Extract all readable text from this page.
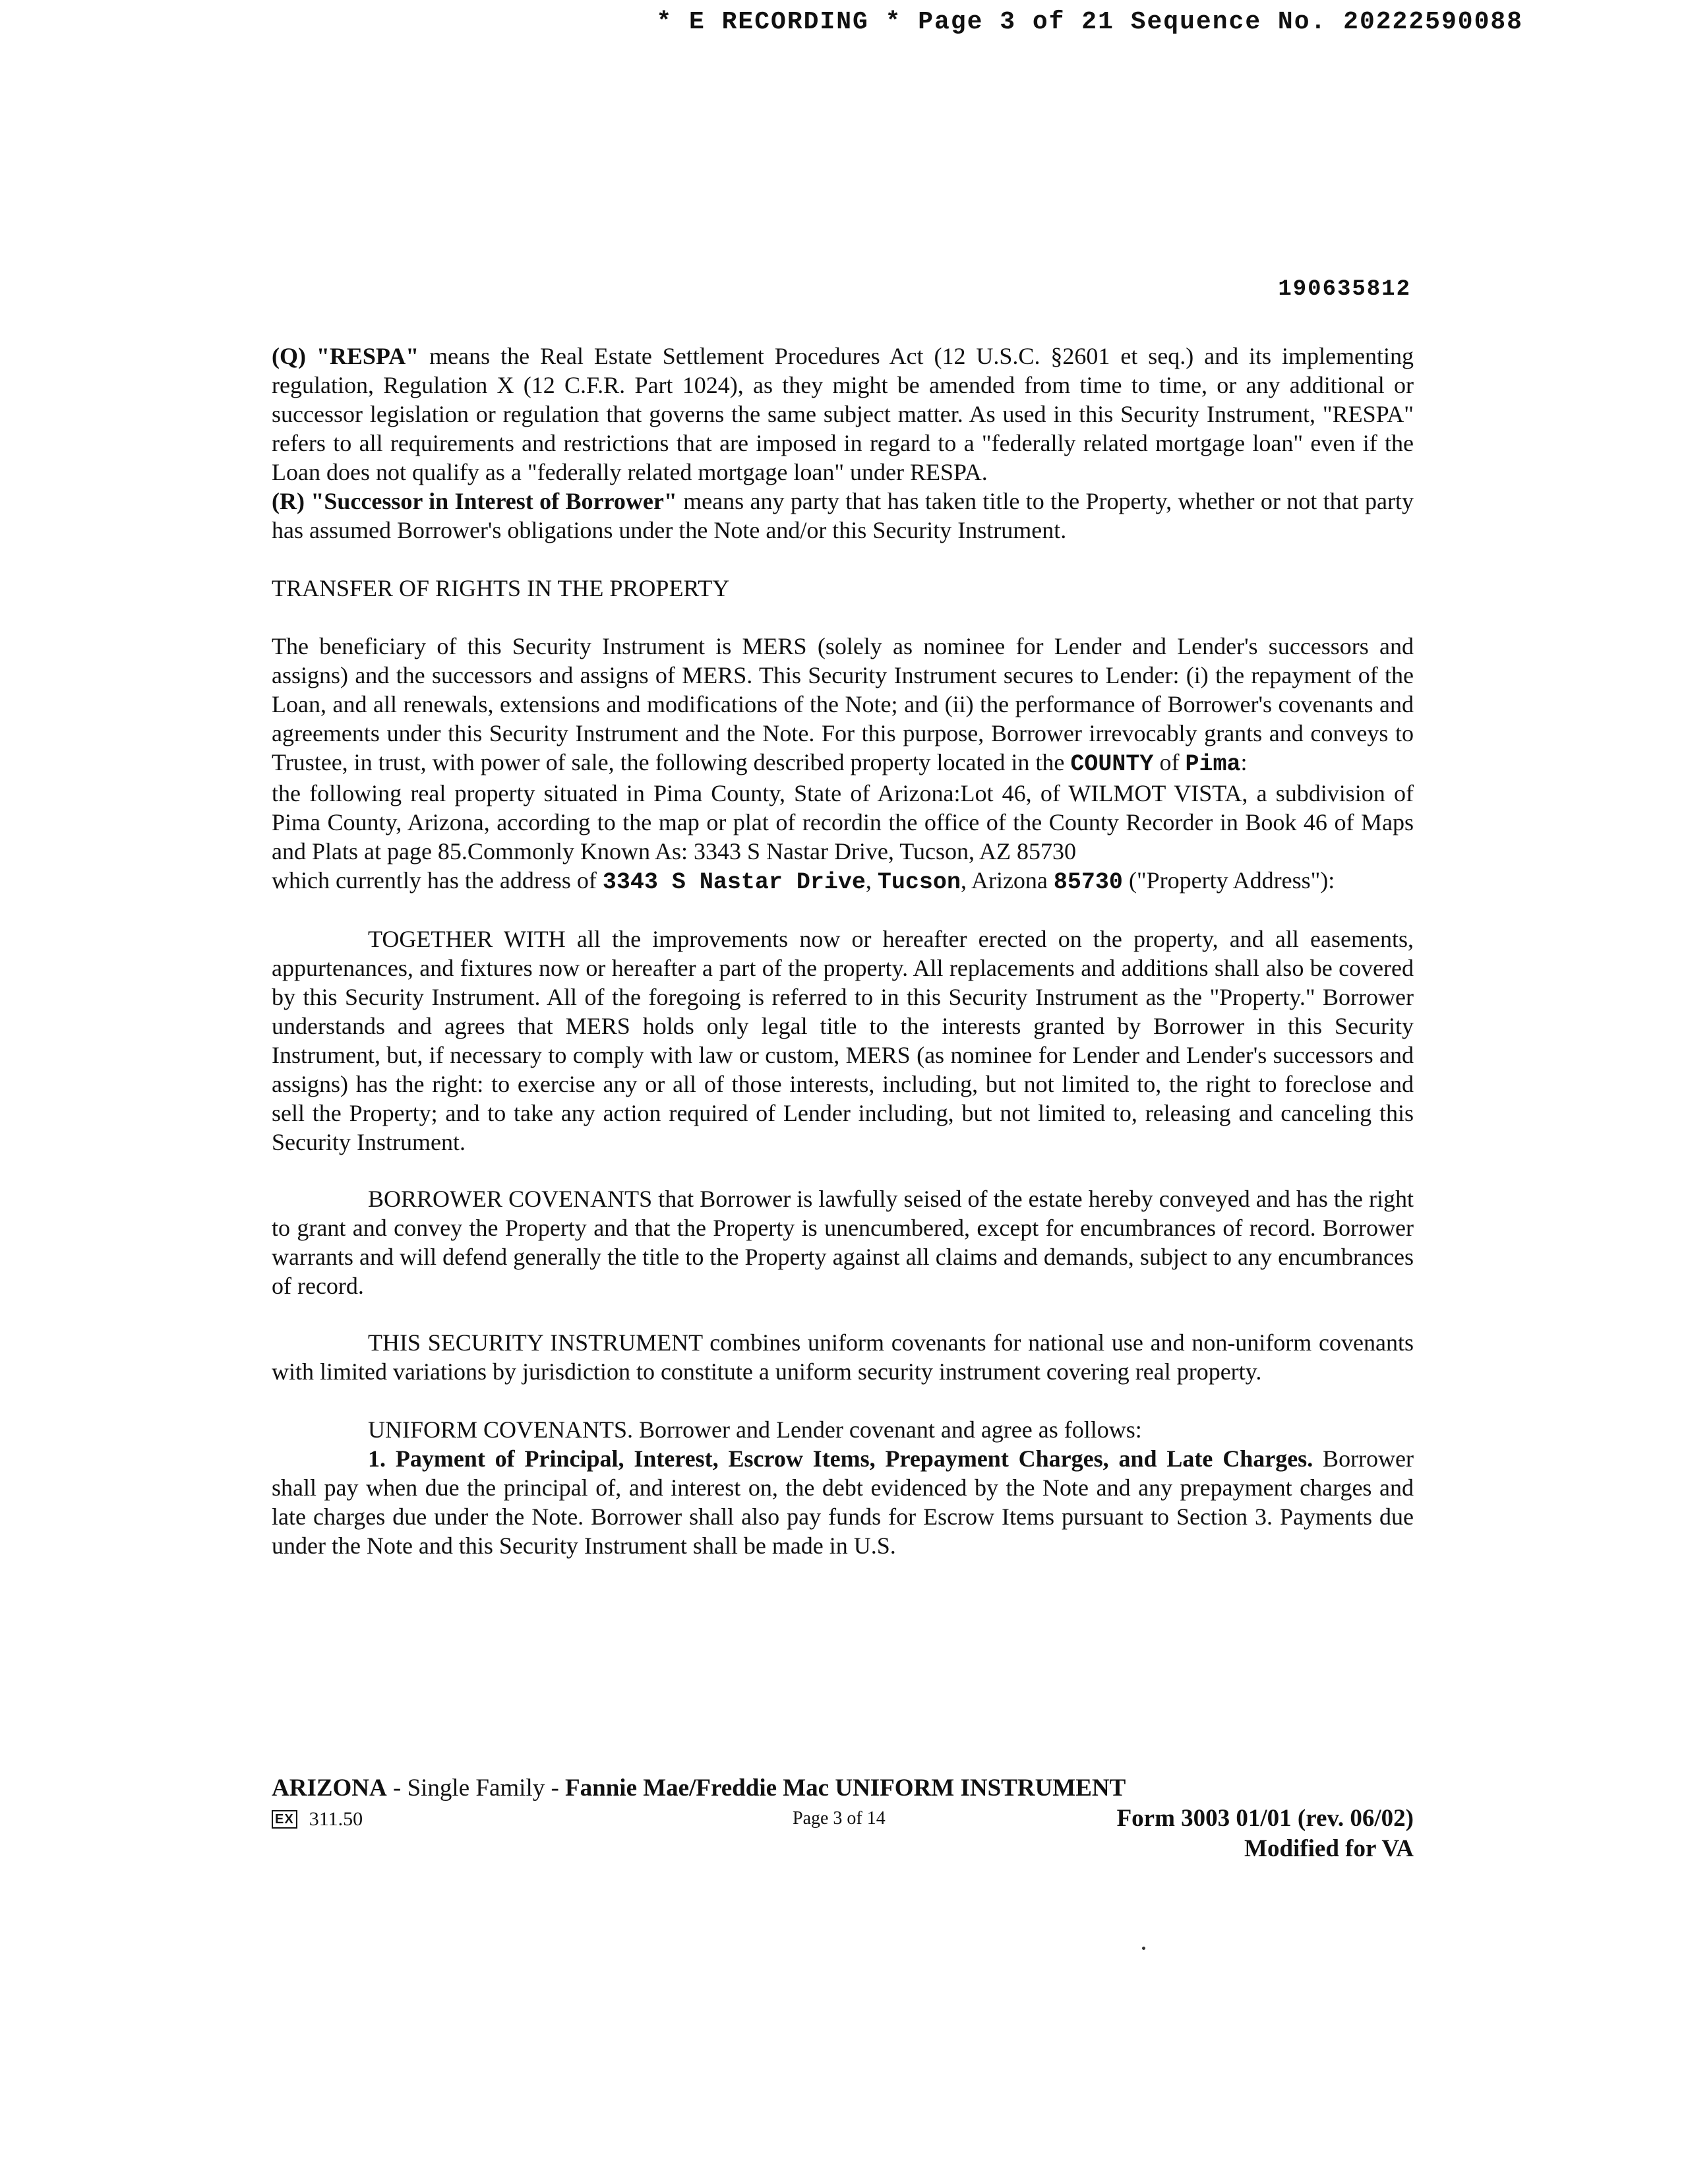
* E RECORDING * Page 3 of 21 Sequence No. 20222590088
190635812

(Q) "RESPA" means the Real Estate Settlement Procedures Act (12 U.S.C. §2601 et seq.) and its implementing regulation, Regulation X (12 C.F.R. Part 1024), as they might be amended from time to time, or any additional or successor legislation or regulation that governs the same subject matter. As used in this Security Instrument, "RESPA" refers to all requirements and restrictions that are imposed in regard to a "federally related mortgage loan" even if the Loan does not qualify as a "federally related mortgage loan" under RESPA.

(R) "Successor in Interest of Borrower" means any party that has taken title to the Property, whether or not that party has assumed Borrower's obligations under the Note and/or this Security Instrument.

TRANSFER OF RIGHTS IN THE PROPERTY

The beneficiary of this Security Instrument is MERS (solely as nominee for Lender and Lender's successors and assigns) and the successors and assigns of MERS. This Security Instrument secures to Lender: (i) the repayment of the Loan, and all renewals, extensions and modifications of the Note; and (ii) the performance of Borrower's covenants and agreements under this Security Instrument and the Note. For this purpose, Borrower irrevocably grants and conveys to Trustee, in trust, with power of sale, the following described property located in the COUNTY of Pima:

the following real property situated in Pima County, State of Arizona:Lot 46, of WILMOT VISTA, a subdivision of Pima County, Arizona, according to the map or plat of recordin the office of the County Recorder in Book 46 of Maps and Plats at page 85.Commonly Known As: 3343 S Nastar Drive, Tucson, AZ 85730

which currently has the address of 3343 S Nastar Drive, Tucson, Arizona 85730 ("Property Address"):

TOGETHER WITH all the improvements now or hereafter erected on the property, and all easements, appurtenances, and fixtures now or hereafter a part of the property. All replacements and additions shall also be covered by this Security Instrument. All of the foregoing is referred to in this Security Instrument as the "Property." Borrower understands and agrees that MERS holds only legal title to the interests granted by Borrower in this Security Instrument, but, if necessary to comply with law or custom, MERS (as nominee for Lender and Lender's successors and assigns) has the right: to exercise any or all of those interests, including, but not limited to, the right to foreclose and sell the Property; and to take any action required of Lender including, but not limited to, releasing and canceling this Security Instrument.

BORROWER COVENANTS that Borrower is lawfully seised of the estate hereby conveyed and has the right to grant and convey the Property and that the Property is unencumbered, except for encumbrances of record. Borrower warrants and will defend generally the title to the Property against all claims and demands, subject to any encumbrances of record.

THIS SECURITY INSTRUMENT combines uniform covenants for national use and non-uniform covenants with limited variations by jurisdiction to constitute a uniform security instrument covering real property.

UNIFORM COVENANTS. Borrower and Lender covenant and agree as follows:

1. Payment of Principal, Interest, Escrow Items, Prepayment Charges, and Late Charges. Borrower shall pay when due the principal of, and interest on, the debt evidenced by the Note and any prepayment charges and late charges due under the Note. Borrower shall also pay funds for Escrow Items pursuant to Section 3. Payments due under the Note and this Security Instrument shall be made in U.S.

ARIZONA - Single Family - Fannie Mae/Freddie Mac UNIFORM INSTRUMENT
EX 311.50	Page 3 of 14	Form 3003 01/01 (rev. 06/02)
Modified for VA
